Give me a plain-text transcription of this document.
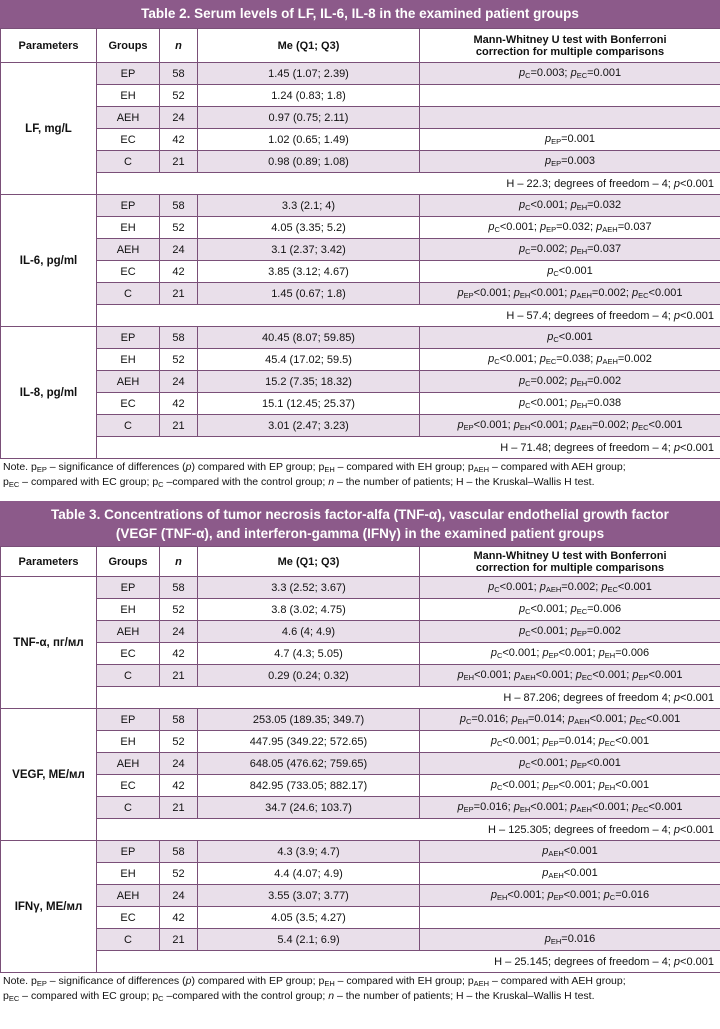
Table 2. Serum levels of LF, IL-6, IL-8 in the examined patient groups
Parameters	Groups	n	Me (Q1; Q3)	Mann-Whitney U test with Bonferroni
correction for multiple comparisons

LF, mg/L	EP	58	1.45 (1.07; 2.39)	$p_C=0.003$; $p_{EC}=0.001$
	EH	52	1.24 (0.83; 1.8)	
	AEH	24	0.97 (0.75; 2.11)	
	EC	42	1.02 (0.65; 1.49)	$p_{EP}=0.001$
	C	21	0.98 (0.89; 1.08)	$p_{EP}=0.003$
	H – 22.3; degrees of freedom – 4; p<0.001			
IL-6, pg/ml	EP	58	3.3 (2.1; 4)	$p_C<0.001$; $p_{EH}=0.032$
	EH	52	4.05 (3.35; 5.2)	$p_C<0.001$; $p_{EP}=0.032$; $p_{AEH}=0.037$
	AEH	24	3.1 (2.37; 3.42)	$p_C=0.002$; $p_{EH}=0.037$
	EC	42	3.85 (3.12; 4.67)	$p_C<0.001$
	C	21	1.45 (0.67; 1.8)	$p_{EP}<0.001$; $p_{EH}<0.001$; $p_{AEH}=0.002$; $p_{EC}<0.001$
	H – 57.4; degrees of freedom – 4; p<0.001			
IL-8, pg/ml	EP	58	40.45 (8.07; 59.85)	$p_C<0.001$
	EH	52	45.4 (17.02; 59.5)	$p_C<0.001$; $p_{EC}=0.038$; $p_{AEH}=0.002$
	AEH	24	15.2 (7.35; 18.32)	$p_C=0.002$; $p_{EH}=0.002$
	EC	42	15.1 (12.45; 25.37)	$p_C<0.001$; $p_{EH}=0.038$
	C	21	3.01 (2.47; 3.23)	$p_{EP}<0.001$; $p_{EH}<0.001$; $p_{AEH}=0.002$; $p_{EC}<0.001$
	H – 71.48; degrees of freedom – 4; p<0.001			
Note. $p_{EP}$ – significance of differences (p) compared with EP group; $p_{EH}$ – compared with EH group; $p_{AEH}$ – compared with AEH group;
$p_{EC}$ – compared with EC group; $p_C$ –compared with the control group; n – the number of patients; H – the Kruskal–Wallis H test.
Table 3. Concentrations of tumor necrosis factor-alfa (TNF-α), vascular endothelial growth factor
(VEGF (TNF-α), and interferon-gamma (IFNγ) in the examined patient groups
Parameters	Groups	n	Me (Q1; Q3)	Mann-Whitney U test with Bonferroni
correction for multiple comparisons

TNF-α, пг/мл	EP	58	3.3 (2.52; 3.67)	$p_C<0.001$; $p_{AEH}=0.002$; $p_{EC}<0.001$
	EH	52	3.8 (3.02; 4.75)	$p_C<0.001$; $p_{EC}=0.006$
	AEH	24	4.6 (4; 4.9)	$p_C<0.001$; $p_{EP}=0.002$
	EC	42	4.7 (4.3; 5.05)	$p_C<0.001$; $p_{EP}<0.001$; $p_{EH}=0.006$
	C	21	0.29 (0.24; 0.32)	$p_{EH}<0.001$; $p_{AEH}<0.001$; $p_{EC}<0.001$; $p_{EP}<0.001$
	H – 87.206; degrees of freedom 4; p<0.001			
VEGF, МЕ/мл	EP	58	253.05 (189.35; 349.7)	$p_C=0.016$; $p_{EH}=0.014$; $p_{AEH}<0.001$; $p_{EC}<0.001$
	EH	52	447.95 (349.22; 572.65)	$p_C<0.001$; $p_{EP}=0.014$; $p_{EC}<0.001$
	AEH	24	648.05 (476.62; 759.65)	$p_C<0.001$; $p_{EP}<0.001$
	EC	42	842.95 (733.05; 882.17)	$p_C<0.001$; $p_{EP}<0.001$; $p_{EH}<0.001$
	C	21	34.7 (24.6; 103.7)	$p_{EP}=0.016$; $p_{EH}<0.001$; $p_{AEH}<0.001$; $p_{EC}<0.001$
	H – 125.305; degrees of freedom – 4; p<0.001			
IFNγ, МЕ/мл	EP	58	4.3 (3.9; 4.7)	$p_{AEH}<0.001$
	EH	52	4.4 (4.07; 4.9)	$p_{AEH}<0.001$
	AEH	24	3.55 (3.07; 3.77)	$p_{EH}<0.001$; $p_{EP}<0.001$; $p_C=0.016$
	EC	42	4.05 (3.5; 4.27)	
	C	21	5.4 (2.1; 6.9)	$p_{EH}=0.016$
	H – 25.145; degrees of freedom – 4; p<0.001			
Note. $p_{EP}$ – significance of differences (p) compared with EP group; $p_{EH}$ – compared with EH group; $p_{AEH}$ – compared with AEH group;
$p_{EC}$ – compared with EC group; $p_C$ –compared with the control group; n – the number of patients; H – the Kruskal–Wallis H test.
